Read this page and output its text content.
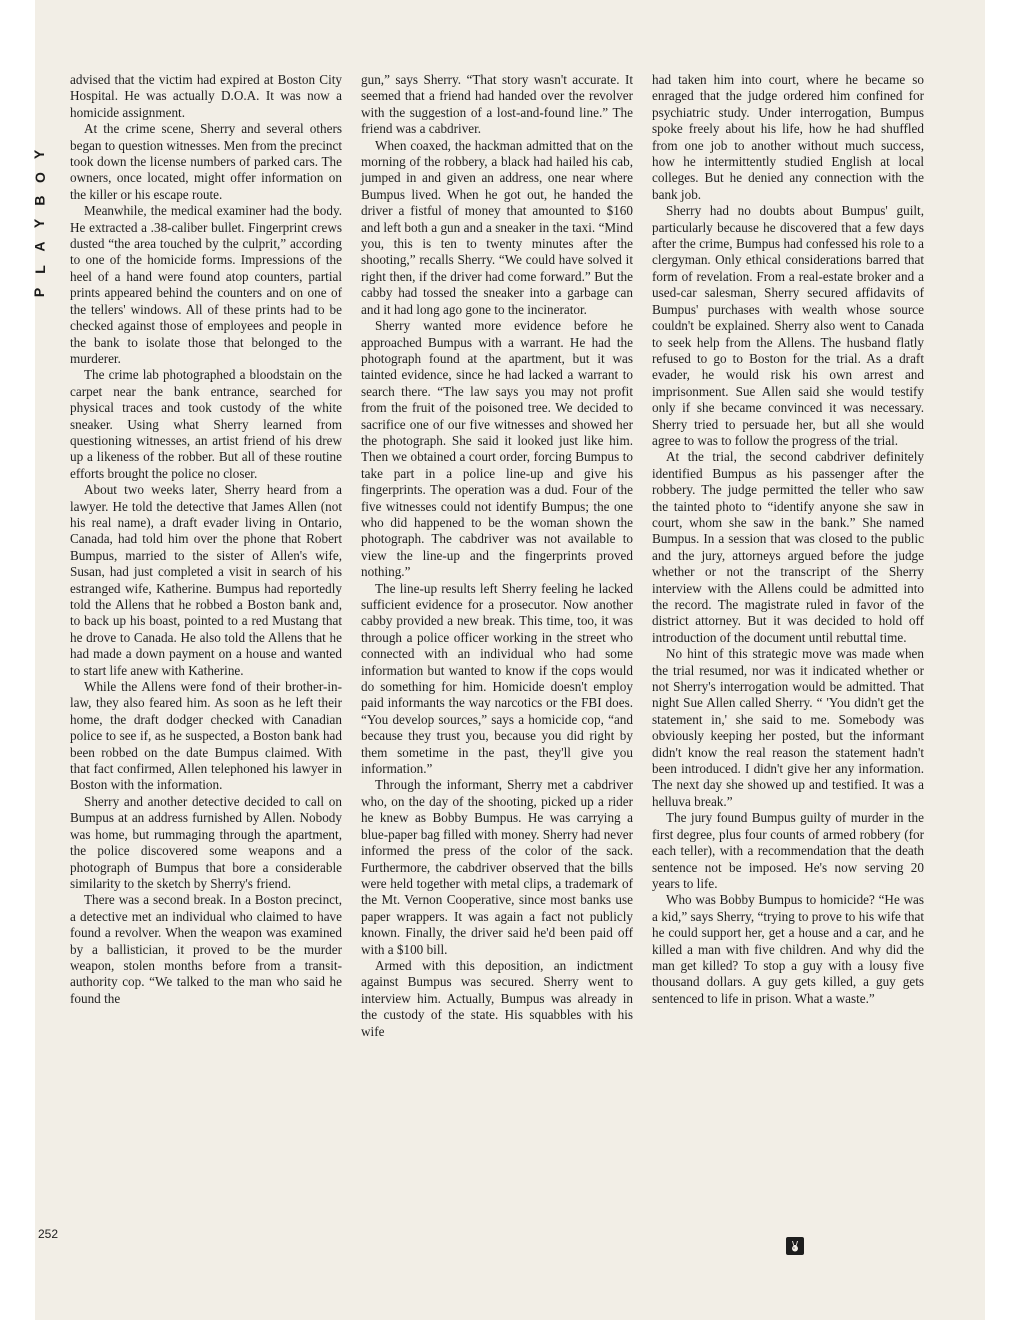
P
L
A
Y
B
O
Y

advised that the victim had expired at Boston City Hospital. He was actually D.O.A. It was now a homicide assignment.

At the crime scene, Sherry and several others began to question witnesses. Men from the precinct took down the license numbers of parked cars. The owners, once located, might offer information on the killer or his escape route.

Meanwhile, the medical examiner had the body. He extracted a .38-caliber bullet. Fingerprint crews dusted “the area touched by the culprit,” according to one of the homicide forms. Impressions of the heel of a hand were found atop counters, partial prints appeared behind the counters and on one of the tellers' windows. All of these prints had to be checked against those of employees and people in the bank to isolate those that belonged to the murderer.

The crime lab photographed a bloodstain on the carpet near the bank entrance, searched for physical traces and took custody of the white sneaker. Using what Sherry learned from questioning witnesses, an artist friend of his drew up a likeness of the robber. But all of these routine efforts brought the police no closer.

About two weeks later, Sherry heard from a lawyer. He told the detective that James Allen (not his real name), a draft evader living in Ontario, Canada, had told him over the phone that Robert Bumpus, married to the sister of Allen's wife, Susan, had just completed a visit in search of his estranged wife, Katherine. Bumpus had reportedly told the Allens that he robbed a Boston bank and, to back up his boast, pointed to a red Mustang that he drove to Canada. He also told the Allens that he had made a down payment on a house and wanted to start life anew with Katherine.

While the Allens were fond of their brother-in-law, they also feared him. As soon as he left their home, the draft dodger checked with Canadian police to see if, as he suspected, a Boston bank had been robbed on the date Bumpus claimed. With that fact confirmed, Allen telephoned his lawyer in Boston with the information.

Sherry and another detective decided to call on Bumpus at an address furnished by Allen. Nobody was home, but rummaging through the apartment, the police discovered some weapons and a photograph of Bumpus that bore a considerable similarity to the sketch by Sherry's friend.

There was a second break. In a Boston precinct, a detective met an individual who claimed to have found a revolver. When the weapon was examined by a ballistician, it proved to be the murder weapon, stolen months before from a transit-authority cop. “We talked to the man who said he found the

gun,” says Sherry. “That story wasn't accurate. It seemed that a friend had handed over the revolver with the suggestion of a lost-and-found line.” The friend was a cabdriver.

When coaxed, the hackman admitted that on the morning of the robbery, a black had hailed his cab, jumped in and given an address, one near where Bumpus lived. When he got out, he handed the driver a fistful of money that amounted to $160 and left both a gun and a sneaker in the taxi. “Mind you, this is ten to twenty minutes after the shooting,” recalls Sherry. “We could have solved it right then, if the driver had come forward.” But the cabby had tossed the sneaker into a garbage can and it had long ago gone to the incinerator.

Sherry wanted more evidence before he approached Bumpus with a warrant. He had the photograph found at the apartment, but it was tainted evidence, since he had lacked a warrant to search there. “The law says you may not profit from the fruit of the poisoned tree. We decided to sacrifice one of our five witnesses and showed her the photograph. She said it looked just like him. Then we obtained a court order, forcing Bumpus to take part in a police line-up and give his fingerprints. The operation was a dud. Four of the five witnesses could not identify Bumpus; the one who did happened to be the woman shown the photograph. The cabdriver was not available to view the line-up and the fingerprints proved nothing.”

The line-up results left Sherry feeling he lacked sufficient evidence for a prosecutor. Now another cabby provided a new break. This time, too, it was through a police officer working in the street who connected with an individual who had some information but wanted to know if the cops would do something for him. Homicide doesn't employ paid informants the way narcotics or the FBI does. “You develop sources,” says a homicide cop, “and because they trust you, because you did right by them sometime in the past, they'll give you information.”

Through the informant, Sherry met a cabdriver who, on the day of the shooting, picked up a rider he knew as Bobby Bumpus. He was carrying a blue-paper bag filled with money. Sherry had never informed the press of the color of the sack. Furthermore, the cabdriver observed that the bills were held together with metal clips, a trademark of the Mt. Vernon Cooperative, since most banks use paper wrappers. It was again a fact not publicly known. Finally, the driver said he'd been paid off with a $100 bill.

Armed with this deposition, an indictment against Bumpus was secured. Sherry went to interview him. Actually, Bumpus was already in the custody of the state. His squabbles with his wife

had taken him into court, where he became so enraged that the judge ordered him confined for psychiatric study. Under interrogation, Bumpus spoke freely about his life, how he had shuffled from one job to another without much success, how he intermittently studied English at local colleges. But he denied any connection with the bank job.

Sherry had no doubts about Bumpus' guilt, particularly because he discovered that a few days after the crime, Bumpus had confessed his role to a clergyman. Only ethical considerations barred that form of revelation. From a real-estate broker and a used-car salesman, Sherry secured affidavits of Bumpus' purchases with wealth whose source couldn't be explained. Sherry also went to Canada to seek help from the Allens. The husband flatly refused to go to Boston for the trial. As a draft evader, he would risk his own arrest and imprisonment. Sue Allen said she would testify only if she became convinced it was necessary. Sherry tried to persuade her, but all she would agree to was to follow the progress of the trial.

At the trial, the second cabdriver definitely identified Bumpus as his passenger after the robbery. The judge permitted the teller who saw the tainted photo to “identify anyone she saw in court, whom she saw in the bank.” She named Bumpus. In a session that was closed to the public and the jury, attorneys argued before the judge whether or not the transcript of the Sherry interview with the Allens could be admitted into the record. The magistrate ruled in favor of the district attorney. But it was decided to hold off introduction of the document until rebuttal time.

No hint of this strategic move was made when the trial resumed, nor was it indicated whether or not Sherry's interrogation would be admitted. That night Sue Allen called Sherry. “ 'You didn't get the statement in,' she said to me. Somebody was obviously keeping her posted, but the informant didn't know the real reason the statement hadn't been introduced. I didn't give her any information. The next day she showed up and testified. It was a helluva break.”

The jury found Bumpus guilty of murder in the first degree, plus four counts of armed robbery (for each teller), with a recommendation that the death sentence not be imposed. He's now serving 20 years to life.

Who was Bobby Bumpus to homicide? “He was a kid,” says Sherry, “trying to prove to his wife that he could support her, get a house and a car, and he killed a man with five children. And why did the man get killed? To stop a guy with a lousy five thousand dollars. A guy gets killed, a guy gets sentenced to life in prison. What a waste.”

252
